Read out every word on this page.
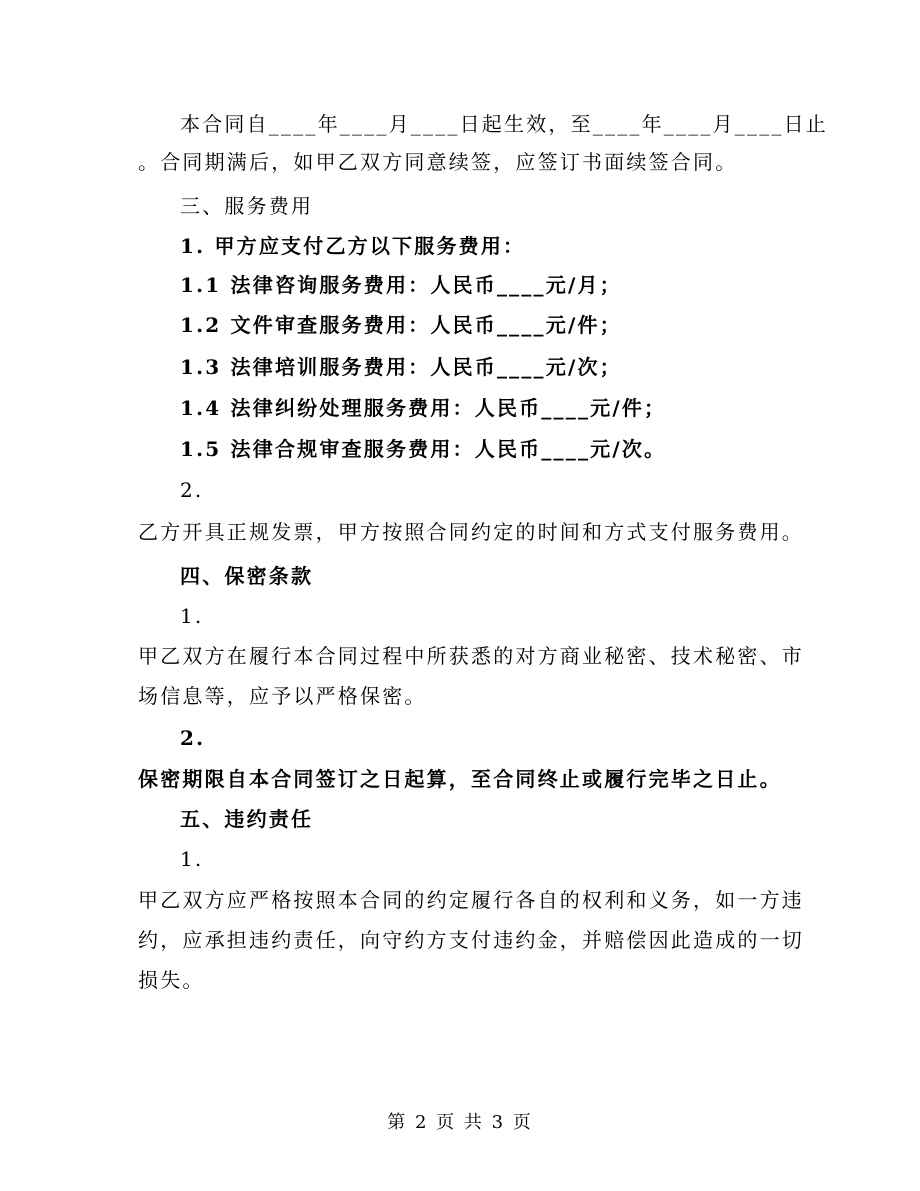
本合同自____年____月____日起生效，至____年____月____日止
。合同期满后，如甲乙双方同意续签，应签订书面续签合同。
三、服务费用
1. 甲方应支付乙方以下服务费用：
1.1 法律咨询服务费用：人民币____元/月；
1.2 文件审查服务费用：人民币____元/件；
1.3 法律培训服务费用：人民币____元/次；
1.4 法律纠纷处理服务费用：人民币____元/件；
1.5 法律合规审查服务费用：人民币____元/次。
2.
乙方开具正规发票，甲方按照合同约定的时间和方式支付服务费用。
四、保密条款
1.
甲乙双方在履行本合同过程中所获悉的对方商业秘密、技术秘密、市
场信息等，应予以严格保密。
2.
保密期限自本合同签订之日起算，至合同终止或履行完毕之日止。
五、违约责任
1.
甲乙双方应严格按照本合同的约定履行各自的权利和义务，如一方违
约，应承担违约责任，向守约方支付违约金，并赔偿因此造成的一切
损失。
第 2 页 共 3 页
